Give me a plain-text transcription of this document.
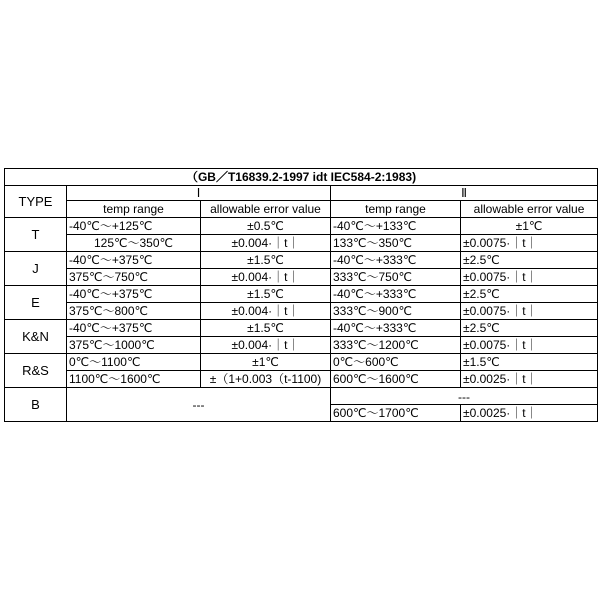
（GB／T16839.2-1997 idt IEC584-2:1983)				
TYPE	Ⅰ		Ⅱ	
	temp range	allowable error value	temp range	allowable error value
T	-40℃～+125℃	±0.5℃	-40℃～+133℃	±1℃
	125℃～350℃	±0.004·｜t｜	133℃～350℃	±0.0075·｜t｜
J	-40℃～+375℃	±1.5℃	-40℃～+333℃	±2.5℃
	375℃～750℃	±0.004·｜t｜	333℃～750℃	±0.0075·｜t｜
E	-40℃～+375℃	±1.5℃	-40℃～+333℃	±2.5℃
	375℃～800℃	±0.004·｜t｜	333℃～900℃	±0.0075·｜t｜
K&N	-40℃～+375℃	±1.5℃	-40℃～+333℃	±2.5℃
	375℃～1000℃	±0.004·｜t｜	333℃～1200℃	±0.0075·｜t｜
R&S	0℃～1100℃	±1℃	0℃～600℃	±1.5℃
	1100℃～1600℃	±（1+0.003（t-1100)	600℃～1600℃	±0.0025·｜t｜
B	---		---	
			600℃～1700℃	±0.0025·｜t｜
